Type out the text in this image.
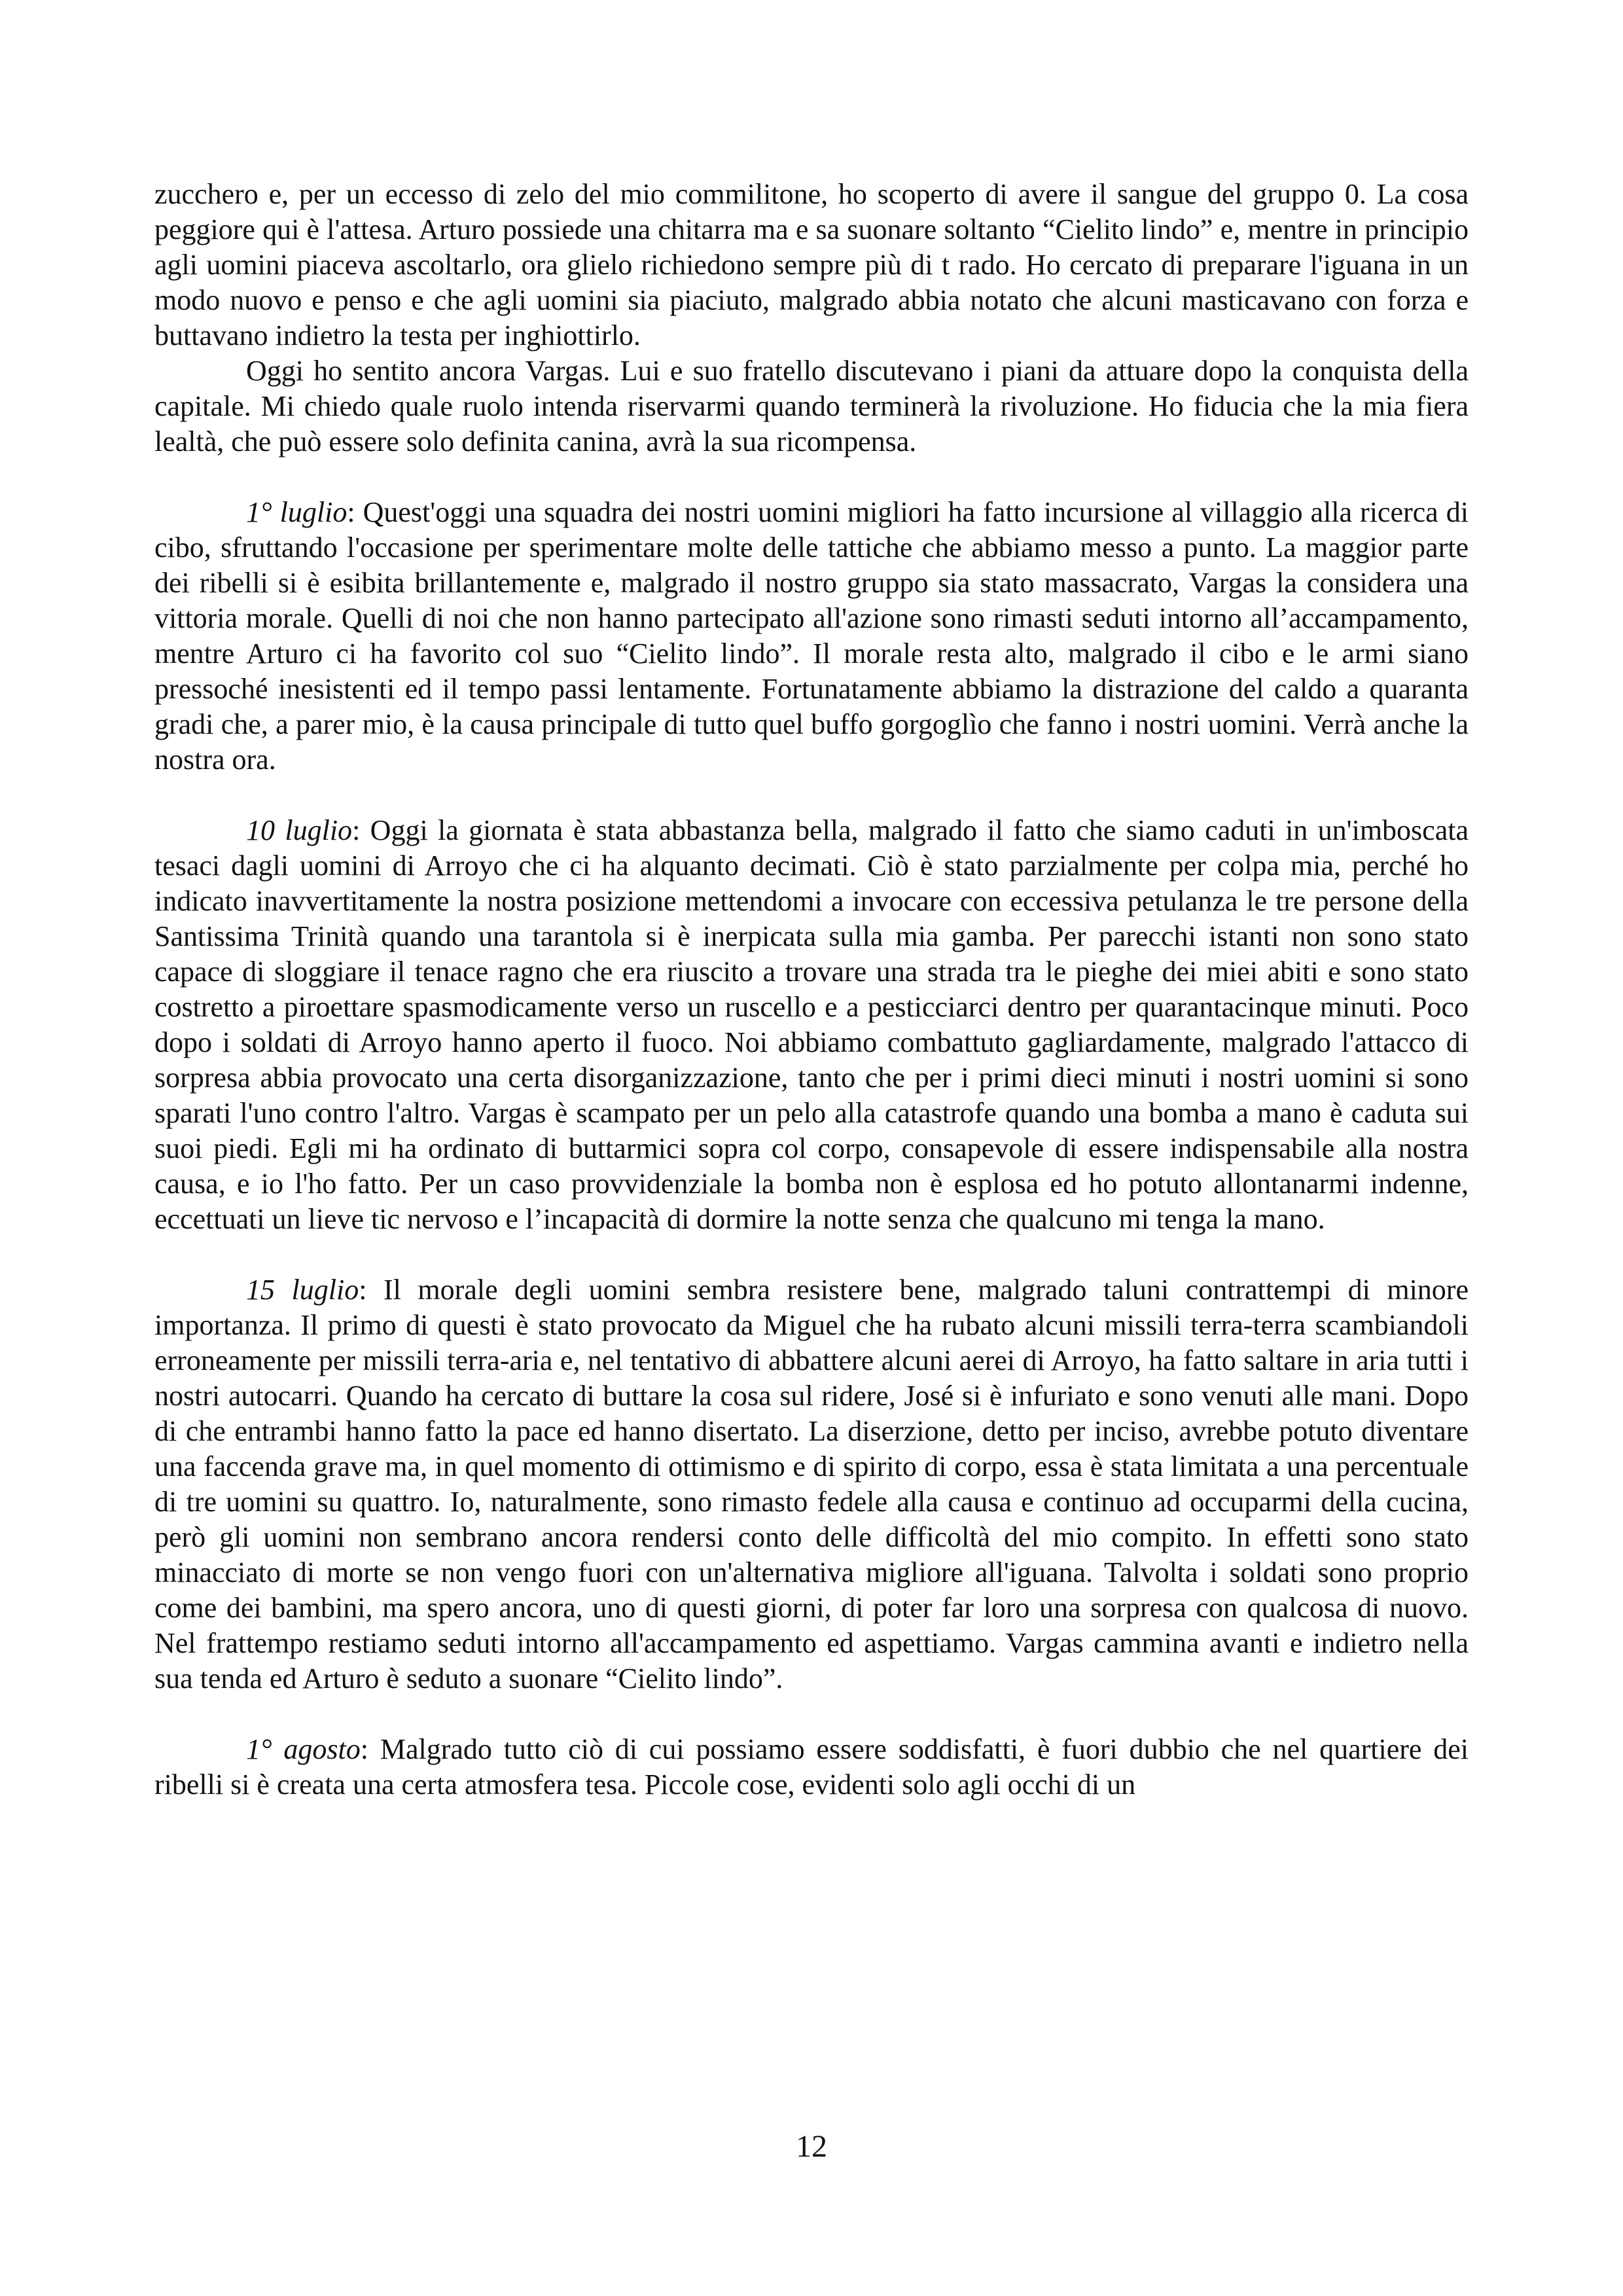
zucchero e, per un eccesso di zelo del mio commilitone, ho scoperto di avere il sangue del gruppo 0. La cosa peggiore qui è l'attesa. Arturo possiede una chitarra ma e sa suonare soltanto “Cielito lindo” e, mentre in principio agli uomini piaceva ascoltarlo, ora glielo richiedono sempre più di t rado. Ho cercato di preparare l'iguana in un modo nuovo e penso e che agli uomini sia piaciuto, malgrado abbia notato che alcuni masticavano con forza e buttavano indietro la testa per inghiottirlo.

Oggi ho sentito ancora Vargas. Lui e suo fratello discutevano i piani da attuare dopo la conquista della capitale. Mi chiedo quale ruolo intenda riservarmi quando terminerà la rivoluzione. Ho fiducia che la mia fiera lealtà, che può essere solo definita canina, avrà la sua ricompensa.

1° luglio: Quest'oggi una squadra dei nostri uomini migliori ha fatto incursione al villaggio alla ricerca di cibo, sfruttando l'occasione per sperimentare molte delle tattiche che abbiamo messo a punto. La maggior parte dei ribelli si è esibita brillantemente e, malgrado il nostro gruppo sia stato massacrato, Vargas la considera una vittoria morale. Quelli di noi che non hanno partecipato all'azione sono rimasti seduti intorno all’accampamento, mentre Arturo ci ha favorito col suo “Cielito lindo”. Il morale resta alto, malgrado il cibo e le armi siano pressoché inesistenti ed il tempo passi lentamente. Fortunatamente abbiamo la distrazione del caldo a quaranta gradi che, a parer mio, è la causa principale di tutto quel buffo gorgoglìo che fanno i nostri uomini. Verrà anche la nostra ora.

10 luglio: Oggi la giornata è stata abbastanza bella, malgrado il fatto che siamo caduti in un'imboscata tesaci dagli uomini di Arroyo che ci ha alquanto decimati. Ciò è stato parzialmente per colpa mia, perché ho indicato inavvertitamente la nostra posizione mettendomi a invocare con eccessiva petulanza le tre persone della Santissima Trinità quando una tarantola si è inerpicata sulla mia gamba. Per parecchi istanti non sono stato capace di sloggiare il tenace ragno che era riuscito a trovare una strada tra le pieghe dei miei abiti e sono stato costretto a piroettare spasmodicamente verso un ruscello e a pesticciarci dentro per quarantacinque minuti. Poco dopo i soldati di Arroyo hanno aperto il fuoco. Noi abbiamo combattuto gagliardamente, malgrado l'attacco di sorpresa abbia provocato una certa disorganizzazione, tanto che per i primi dieci minuti i nostri uomini si sono sparati l'uno contro l'altro. Vargas è scampato per un pelo alla catastrofe quando una bomba a mano è caduta sui suoi piedi. Egli mi ha ordinato di buttarmici sopra col corpo, consapevole di essere indispensabile alla nostra causa, e io l'ho fatto. Per un caso provvidenziale la bomba non è esplosa ed ho potuto allontanarmi indenne, eccettuati un lieve tic nervoso e l’incapacità di dormire la notte senza che qualcuno mi tenga la mano.

15 luglio: Il morale degli uomini sembra resistere bene, malgrado taluni contrattempi di minore importanza. Il primo di questi è stato provocato da Miguel che ha rubato alcuni missili terra-terra scambiandoli erroneamente per missili terra-aria e, nel tentativo di abbattere alcuni aerei di Arroyo, ha fatto saltare in aria tutti i nostri autocarri. Quando ha cercato di buttare la cosa sul ridere, José si è infuriato e sono venuti alle mani. Dopo di che entrambi hanno fatto la pace ed hanno disertato. La diserzione, detto per inciso, avrebbe potuto diventare una faccenda grave ma, in quel momento di ottimismo e di spirito di corpo, essa è stata limitata a una percentuale di tre uomini su quattro. Io, naturalmente, sono rimasto fedele alla causa e continuo ad occuparmi della cucina, però gli uomini non sembrano ancora rendersi conto delle difficoltà del mio compito. In effetti sono stato minacciato di morte se non vengo fuori con un'alternativa migliore all'iguana. Talvolta i soldati sono proprio come dei bambini, ma spero ancora, uno di questi giorni, di poter far loro una sorpresa con qualcosa di nuovo. Nel frattempo restiamo seduti intorno all'accampamento ed aspettiamo. Vargas cammina avanti e indietro nella sua tenda ed Arturo è seduto a suonare “Cielito lindo”.

1° agosto: Malgrado tutto ciò di cui possiamo essere soddisfatti, è fuori dubbio che nel quartiere dei ribelli si è creata una certa atmosfera tesa. Piccole cose, evidenti solo agli occhi di un

12
